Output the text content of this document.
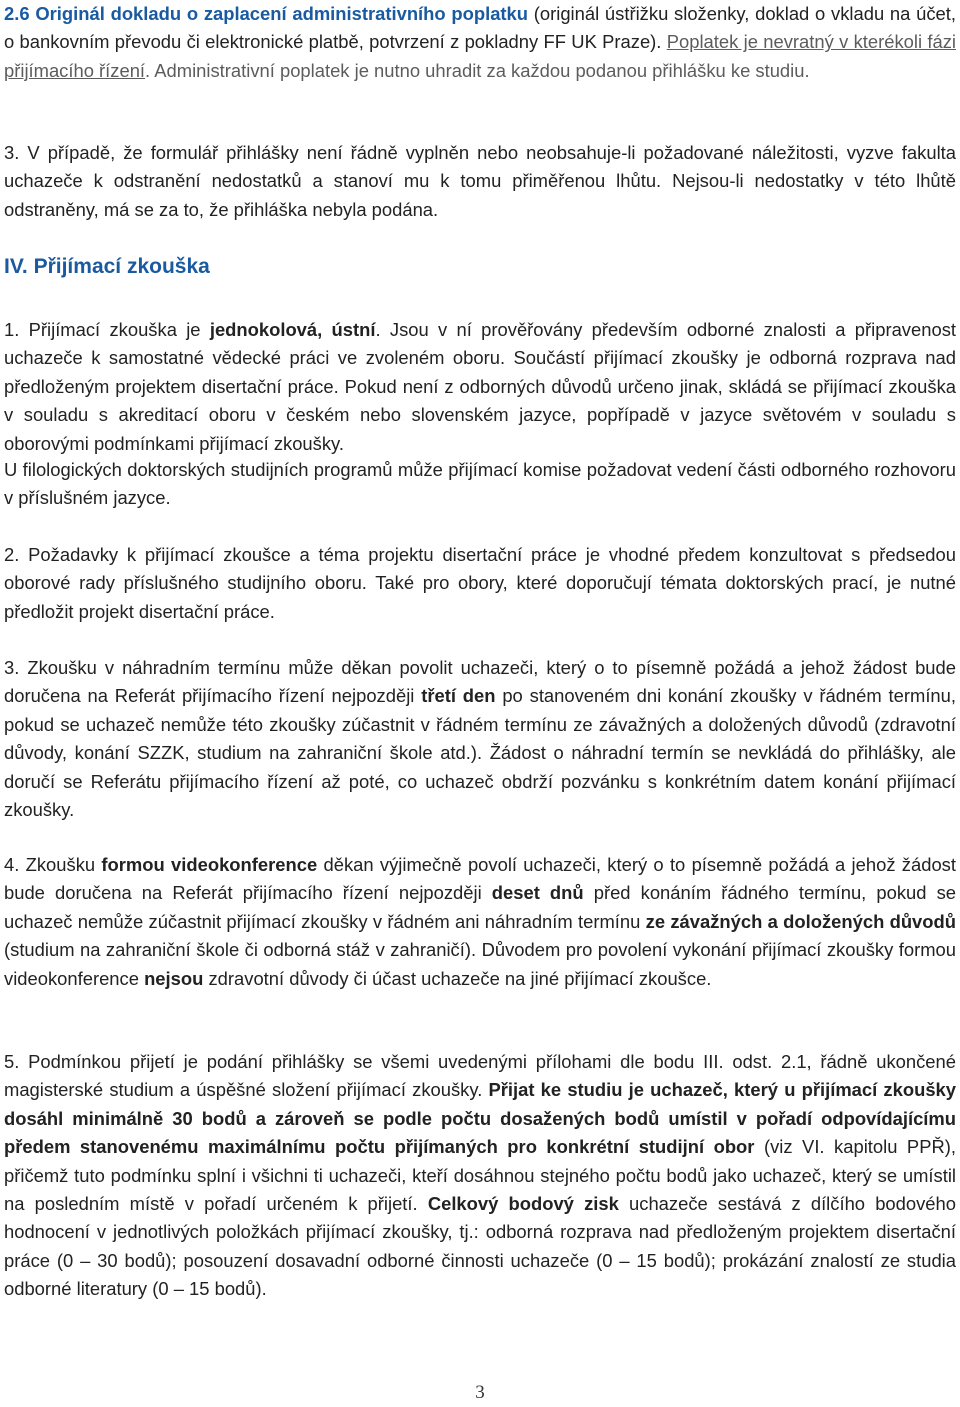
2.6 Originál dokladu o zaplacení administrativního poplatku (originál ústřižku složenky, doklad o vkladu na účet, o bankovním převodu či elektronické platbě, potvrzení z pokladny FF UK Praze). Poplatek je nevratný v kterékoli fázi přijímacího řízení. Administrativní poplatek je nutno uhradit za každou podanou přihlášku ke studiu.
3. V případě, že formulář přihlášky není řádně vyplněn nebo neobsahuje-li požadované náležitosti, vyzve fakulta uchazeče k odstranění nedostatků a stanoví mu k tomu přiměřenou lhůtu. Nejsou-li nedostatky v této lhůtě odstraněny, má se za to, že přihláška nebyla podána.
IV. Přijímací zkouška
1. Přijímací zkouška je jednokolová, ústní. Jsou v ní prověřovány především odborné znalosti a připravenost uchazeče k samostatné vědecké práci ve zvoleném oboru. Součástí přijímací zkoušky je odborná rozprava nad předloženým projektem disertační práce. Pokud není z odborných důvodů určeno jinak, skládá se přijímací zkouška v souladu s akreditací oboru v českém nebo slovenském jazyce, popřípadě v jazyce světovém v souladu s oborovými podmínkami přijímací zkoušky.
U filologických doktorských studijních programů může přijímací komise požadovat vedení části odborného rozhovoru v příslušném jazyce.
2. Požadavky k přijímací zkoušce a téma projektu disertační práce je vhodné předem konzultovat s předsedou oborové rady příslušného studijního oboru. Také pro obory, které doporučují témata doktorských prací, je nutné předložit projekt disertační práce.
3. Zkoušku v náhradním termínu může děkan povolit uchazeči, který o to písemně požádá a jehož žádost bude doručena na Referát přijímacího řízení nejpozději třetí den po stanoveném dni konání zkoušky v řádném termínu, pokud se uchazeč nemůže této zkoušky zúčastnit v řádném termínu ze závažných a doložených důvodů (zdravotní důvody, konání SZZK, studium na zahraniční škole atd.). Žádost o náhradní termín se nevkládá do přihlášky, ale doručí se Referátu přijímacího řízení až poté, co uchazeč obdrží pozvánku s konkrétním datem konání přijímací zkoušky.
4. Zkoušku formou videokonference děkan výjimečně povolí uchazeči, který o to písemně požádá a jehož žádost bude doručena na Referát přijímacího řízení nejpozději deset dnů před konáním řádného termínu, pokud se uchazeč nemůže zúčastnit přijímací zkoušky v řádném ani náhradním termínu ze závažných a doložených důvodů (studium na zahraniční škole či odborná stáž v zahraničí). Důvodem pro povolení vykonání přijímací zkoušky formou videokonference nejsou zdravotní důvody či účast uchazeče na jiné přijímací zkoušce.
5. Podmínkou přijetí je podání přihlášky se všemi uvedenými přílohami dle bodu III. odst. 2.1, řádně ukončené magisterské studium a úspěšné složení přijímací zkoušky. Přijat ke studiu je uchazeč, který u přijímací zkoušky dosáhl minimálně 30 bodů a zároveň se podle počtu dosažených bodů umístil v pořadí odpovídajícímu předem stanovenému maximálnímu počtu přijímaných pro konkrétní studijní obor (viz VI. kapitolu PPŘ), přičemž tuto podmínku splní i všichni ti uchazeči, kteří dosáhnou stejného počtu bodů jako uchazeč, který se umístil na posledním místě v pořadí určeném k přijetí. Celkový bodový zisk uchazeče sestává z dílčího bodového hodnocení v jednotlivých položkách přijímací zkoušky, tj.: odborná rozprava nad předloženým projektem disertační práce (0 – 30 bodů); posouzení dosavadní odborné činnosti uchazeče (0 – 15 bodů); prokázání znalostí ze studia odborné literatury (0 – 15 bodů).
3
